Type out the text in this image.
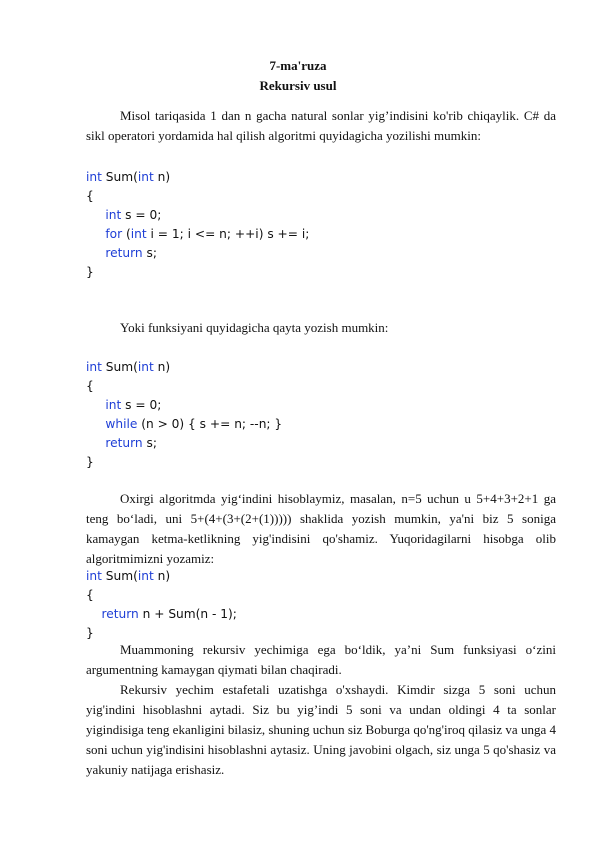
7-ma'ruza
Rekursiv usul

Misol tariqasida 1 dan n gacha natural sonlar yig’indisini ko'rib chiqaylik. C# da sikl operatori yordamida hal qilish algoritmi quyidagicha yozilishi mumkin:

int Sum(int n)
{
int s = 0;
for (int i = 1; i <= n; ++i) s += i;
return s;
}

Yoki funksiyani quyidagicha qayta yozish mumkin:

int Sum(int n)
{
int s = 0;
while (n > 0) { s += n; --n; }
return s;
}

Oxirgi algoritmda yig‘indini hisoblaymiz, masalan, n=5 uchun u 5+4+3+2+1 ga teng bo‘ladi, uni 5+(4+(3+(2+(1))))) shaklida yozish mumkin, ya'ni biz 5 soniga kamaygan ketma-ketlikning yig'indisini qo'shamiz. Yuqoridagilarni hisobga olib algoritmimizni yozamiz:

int Sum(int n)
{
return n + Sum(n - 1);
}

Muammoning rekursiv yechimiga ega bo‘ldik, ya’ni Sum funksiyasi o‘zini argumentning kamaygan qiymati bilan chaqiradi.

Rekursiv yechim estafetali uzatishga o'xshaydi. Kimdir sizga 5 soni uchun yig'indini hisoblashni aytadi. Siz bu yig’indi 5 soni va undan oldingi 4 ta sonlar yigindisiga teng ekanligini bilasiz, shuning uchun siz Boburga qo'ng'iroq qilasiz va unga 4 soni uchun yig'indisini hisoblashni aytasiz. Uning javobini olgach, siz unga 5 qo'shasiz va yakuniy natijaga erishasiz.
